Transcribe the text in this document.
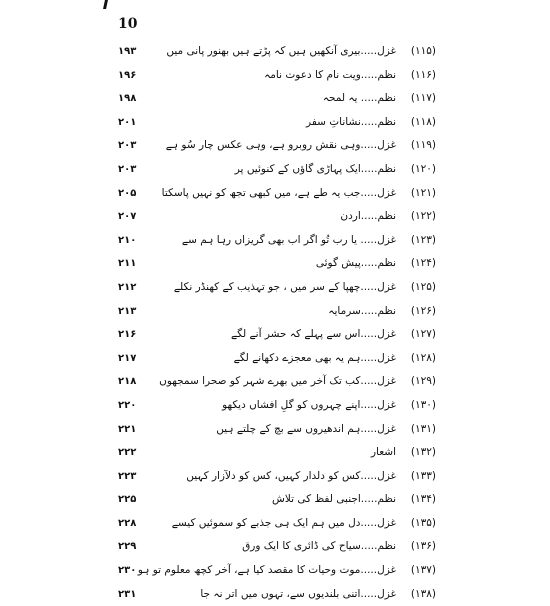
10
(۱۱۵)
غزل.....بیری آنکھیں ہیں کہ پڑتے ہیں بھنور پانی میں
۱۹۳
(۱۱۶)
نظم.....ویت نام کا دعوت نامہ
۱۹۶
(۱۱۷)
نظم..... یہ لمحہ
۱۹۸
(۱۱۸)
نظم.....نشاناتِ سفر
۲۰۱
(۱۱۹)
غزل.....وہی نقش روبرو ہے، وہی عکس چار سُو ہے
۲۰۳
(۱۲۰)
نظم.....ایک پہاڑی گاؤں کے کنوئیں پر
۲۰۳
(۱۲۱)
غزل.....جب یہ طے ہے، میں کبھی تجھ کو نہیں پاسکتا
۲۰۵
(۱۲۲)
نظم.....اردن
۲۰۷
(۱۲۳)
غزل..... یا رب تُو اگر اب بھی گریزاں رہا ہم سے
۲۱۰
(۱۲۴)
نظم.....پیش گوئی
۲۱۱
(۱۲۵)
غزل.....چھپا کے سر میں ، جو تہذیب کے کھنڈر نکلے
۲۱۲
(۱۲۶)
نظم.....سرمایہ
۲۱۳
(۱۲۷)
غزل.....اس سے پہلے کہ حشر آنے لگے
۲۱۶
(۱۲۸)
غزل.....ہم یہ بھی معجزے دکھانے لگے
۲۱۷
(۱۲۹)
غزل.....کب تک آخر میں بھرے شہر کو صحرا سمجھوں
۲۱۸
(۱۳۰)
غزل.....اپنے چہروں کو گلِ افشاں دیکھو
۲۲۰
(۱۳۱)
غزل.....ہم اندھیروں سے بچ کے چلتے ہیں
۲۲۱
(۱۳۲)
اشعار
۲۲۲
(۱۳۳)
غزل.....کس کو دلدار کہیں، کس کو دلآزار کہیں
۲۲۳
(۱۳۴)
نظم.....اجنبی لفظ کی تلاش
۲۲۵
(۱۳۵)
غزل.....دل میں ہم ایک ہی جذبے کو سموئیں کیسے
۲۲۸
(۱۳۶)
نظم.....سیاح کی ڈائری کا ایک ورق
۲۲۹
(۱۳۷)
غزل.....موت وحیات کا مقصد کیا ہے، آخر کچھ معلوم تو ہو
۲۳۰
(۱۳۸)
غزل.....اتنی بلندیوں سے، تہوں میں اتر نہ جا
۲۳۱
